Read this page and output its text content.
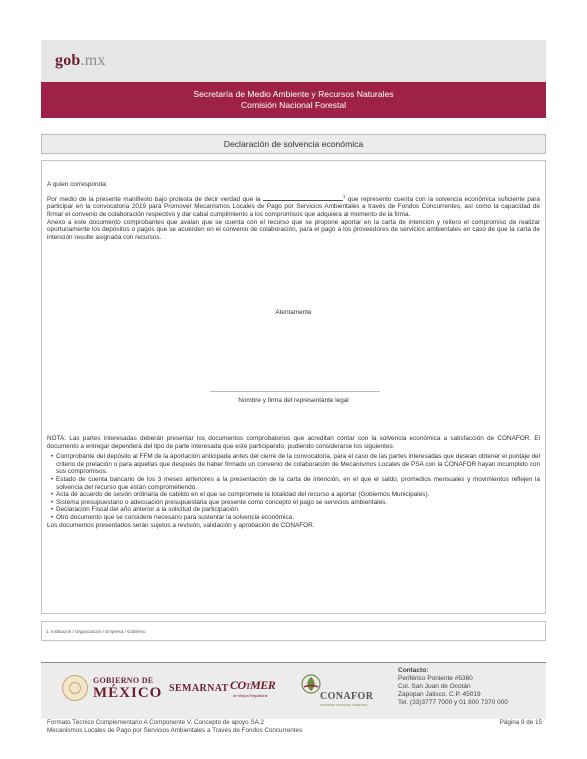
gob.mx
Secretaría de Medio Ambiente y Recursos Naturales
Comisión Nacional Forestal
Declaración de solvencia económica

A quien corresponda:

Por medio de la presente manifiesto bajo protesta de decir verdad que la	$^1$ que represento cuenta con la solvencia económica suficiente para participar en la convocatoria 2019 para Promover Mecanismos Locales de Pago por Servicios Ambientales a través de Fondos Concurrentes, así como la capacidad de firmar el convenio de colaboración respectivo y dar cabal cumplimiento a los compromisos que adquiera al momento de la firma.

Anexo a este documento comprobantes que avalan que se cuenta con el recurso que se propone aportar en la carta de intención y reitero el compromiso de realizar oportunamente los depósitos o pagos que se acuerden en el convenio de colaboración, para el pago a los proveedores de servicios ambientales en caso de que la carta de intención resulte asignada con recursos.

Atentamente
Nombre y firma del representante legal

NOTA: Las partes interesadas deberán presentar los documentos comprobatorios que acreditan contar con la solvencia económica a satisfacción de CONAFOR. El documento a entregar dependerá del tipo de parte interesada que esté participando, pudiendo considerarse los siguientes:

• Comprobante del depósito al FFM de la aportación anticipada antes del cierre de la convocatoria, para el caso de las partes interesadas que desean obtener el puntaje del criterio de prelación o para aquellas que después de haber firmado un convenio de colaboración de Mecanismos Locales de PSA con la CONAFOR hayan incumplido con sus compromisos.
• Estado de cuenta bancario de los 3 meses anteriores a la presentación de la carta de intención, en el que el saldo, promedios mensuales y movimientos reflejen la solvencia del recurso que están comprometiendo.
• Acta de acuerdo de sesión ordinaria de cabildo en el que se compromete la totalidad del recurso a aportar (Gobiernos Municipales).
• Sistema presupuestario o adecuación presupuestaria que presente como concepto el pago se servicios ambientales.
• Declaración Fiscal del año anterior a la solicitud de participación.
• Otro documento que se considere necesario para sustentar la solvencia económica.

Los documentos presentados serán sujetos a revisión, validación y aprobación de CONAFOR.

1. Institución / Organización / Empresa / Gobierno
GOBIERNO DE
MÉXICO SEMARNAT COTMER
de Mejora Regulatoria	CONAFOR
COMISIÓN NACIONAL FORESTAL
Contacto:
Periférico Poniente #5360
Col. San Juan de Ocotán
Zapopan Jalisco. C.P. 45019
Tel. (33)3777 7000 y 01 800 7370 000
Formato Técnico Complementario A Componente V. Concepto de apoyo SA.2
Mecanismos Locales de Pago por Servicios Ambientales a Través de Fondos Concurrentes
Página 9 de 15
